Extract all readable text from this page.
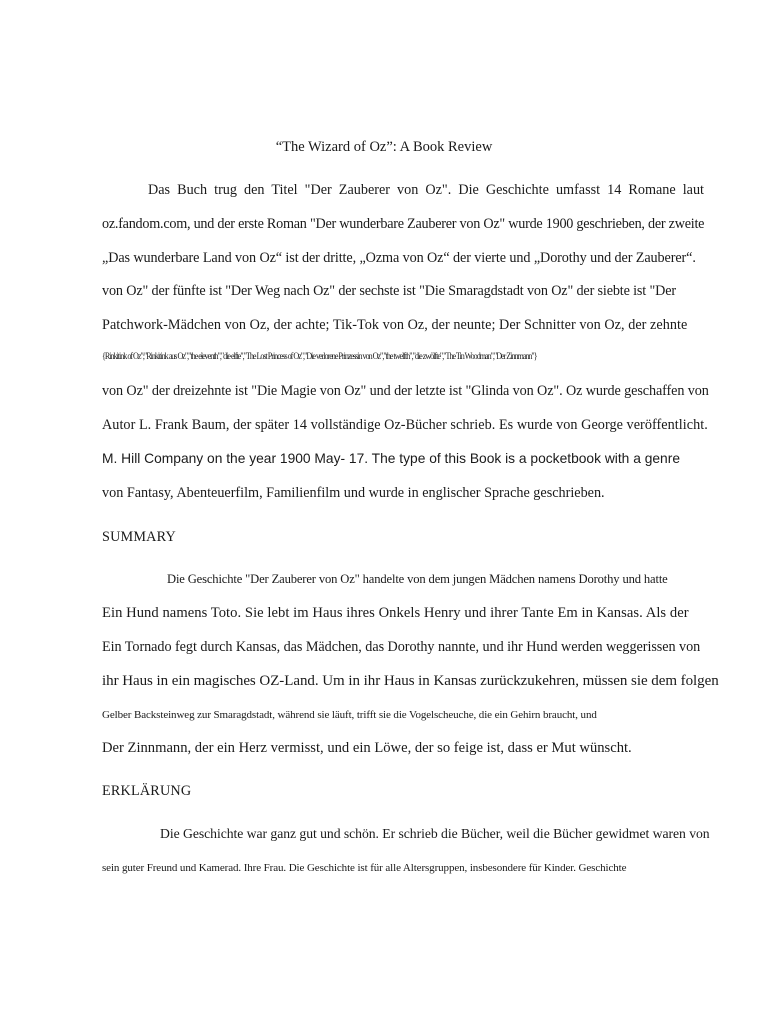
“The Wizard of Oz”: A Book Review
Das Buch trug den Titel "Der Zauberer von Oz". Die Geschichte umfasst 14 Romane laut
oz.fandom.com, und der erste Roman "Der wunderbare Zauberer von Oz" wurde 1900 geschrieben, der zweite
„Das wunderbare Land von Oz“ ist der dritte, „Ozma von Oz“ der vierte und „Dorothy und der Zauberer“.
von Oz" der fünfte ist "Der Weg nach Oz" der sechste ist "Die Smaragdstadt von Oz" der siebte ist "Der
Patchwork-Mädchen von Oz, der achte; Tik-Tok von Oz, der neunte; Der Schnitter von Oz, der zehnte
{Rinkitink of Oz";"Rinkitink aus Oz","the eleventh","die elfte","The Lost Princess of Oz","Die verlorene Prinzessin von Oz","the twelfth","die zwölfte","The Tin Woodman","Der Zinnmann"}
von Oz" der dreizehnte ist "Die Magie von Oz" und der letzte ist "Glinda von Oz". Oz wurde geschaffen von
Autor L. Frank Baum, der später 14 vollständige Oz-Bücher schrieb. Es wurde von George veröffentlicht.
M. Hill Company on the year 1900 May- 17. The type of this Book is a pocketbook with a genre
von Fantasy, Abenteuerfilm, Familienfilm und wurde in englischer Sprache geschrieben.
SUMMARY
Die Geschichte "Der Zauberer von Oz" handelte von dem jungen Mädchen namens Dorothy und hatte
Ein Hund namens Toto. Sie lebt im Haus ihres Onkels Henry und ihrer Tante Em in Kansas. Als der
Ein Tornado fegt durch Kansas, das Mädchen, das Dorothy nannte, und ihr Hund werden weggerissen von
ihr Haus in ein magisches OZ-Land. Um in ihr Haus in Kansas zurückzukehren, müssen sie dem folgen
Gelber Backsteinweg zur Smaragdstadt, während sie läuft, trifft sie die Vogelscheuche, die ein Gehirn braucht, und
Der Zinnmann, der ein Herz vermisst, und ein Löwe, der so feige ist, dass er Mut wünscht.
ERKLÄRUNG
Die Geschichte war ganz gut und schön. Er schrieb die Bücher, weil die Bücher gewidmet waren von
sein guter Freund und Kamerad. Ihre Frau. Die Geschichte ist für alle Altersgruppen, insbesondere für Kinder. Geschichte
